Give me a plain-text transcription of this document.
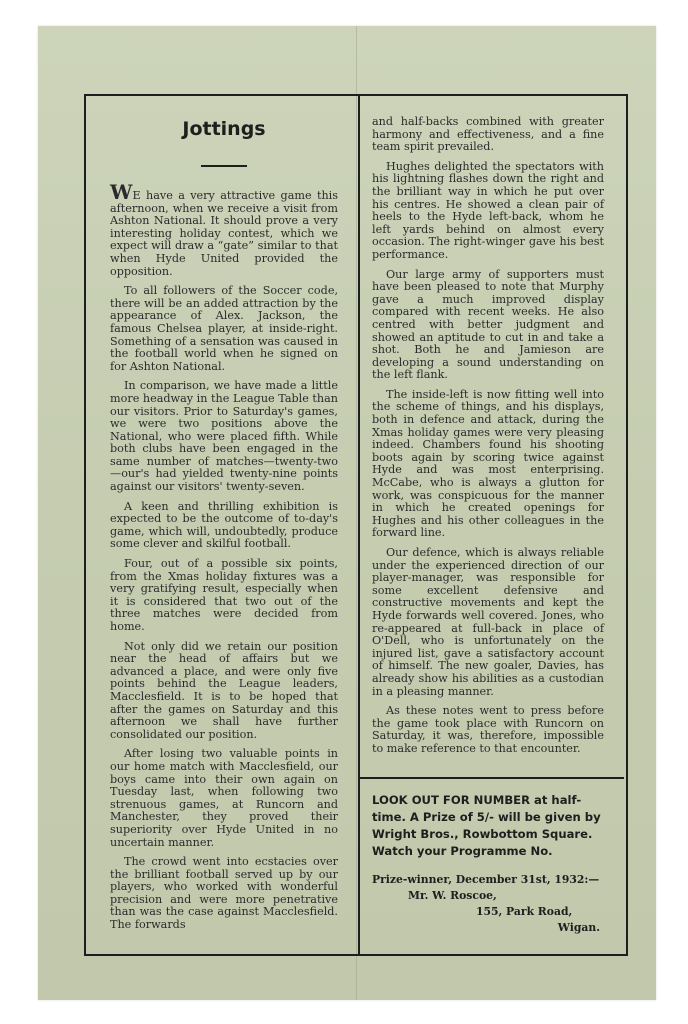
Jottings

WE have a very attractive game this afternoon, when we receive a visit from Ashton National. It should prove a very interesting holiday contest, which we expect will draw a “gate” similar to that when Hyde United provided the opposition.

To all followers of the Soccer code, there will be an added attraction by the appearance of Alex. Jackson, the famous Chelsea player, at inside-right. Something of a sensation was caused in the football world when he signed on for Ashton National.

In comparison, we have made a little more headway in the League Table than our visitors. Prior to Saturday's games, we were two positions above the National, who were placed fifth. While both clubs have been engaged in the same number of matches—twenty-two—our's had yielded twenty-nine points against our visitors' twenty-seven.

A keen and thrilling exhibition is expected to be the outcome of to-day's game, which will, undoubtedly, produce some clever and skilful football.

Four, out of a possible six points, from the Xmas holiday fixtures was a very gratifying result, especially when it is considered that two out of the three matches were decided from home.

Not only did we retain our position near the head of affairs but we advanced a place, and were only five points behind the League leaders, Macclesfield. It is to be hoped that after the games on Saturday and this afternoon we shall have further consolidated our position.

After losing two valuable points in our home match with Macclesfield, our boys came into their own again on Tuesday last, when following two strenuous games, at Runcorn and Manchester, they proved their superiority over Hyde United in no uncertain manner.

The crowd went into ecstacies over the brilliant football served up by our players, who worked with wonderful precision and were more penetrative than was the case against Macclesfield. The forwards

and half-backs combined with greater harmony and effectiveness, and a fine team spirit prevailed.

Hughes delighted the spectators with his lightning flashes down the right and the brilliant way in which he put over his centres. He showed a clean pair of heels to the Hyde left-back, whom he left yards behind on almost every occasion. The right-winger gave his best performance.

Our large army of supporters must have been pleased to note that Murphy gave a much improved display compared with recent weeks. He also centred with better judgment and showed an aptitude to cut in and take a shot. Both he and Jamieson are developing a sound understanding on the left flank.

The inside-left is now fitting well into the scheme of things, and his displays, both in defence and attack, during the Xmas holiday games were very pleasing indeed. Chambers found his shooting boots again by scoring twice against Hyde and was most enterprising. McCabe, who is always a glutton for work, was conspicuous for the manner in which he created openings for Hughes and his other colleagues in the forward line.

Our defence, which is always reliable under the experienced direction of our player-manager, was responsible for some excellent defensive and constructive movements and kept the Hyde forwards well covered. Jones, who re-appeared at full-back in place of O'Dell, who is unfortunately on the injured list, gave a satisfactory account of himself. The new goaler, Davies, has already show his abilities as a custodian in a pleasing manner.

As these notes went to press before the game took place with Runcorn on Saturday, it was, therefore, impossible to make reference to that encounter.

LOOK OUT FOR NUMBER at half-time. A Prize of 5/- will be given by Wright Bros., Rowbottom Square. Watch your Programme No.
Prize-winner, December 31st, 1932:—
Mr. W. Roscoe,
155, Park Road,
Wigan.
